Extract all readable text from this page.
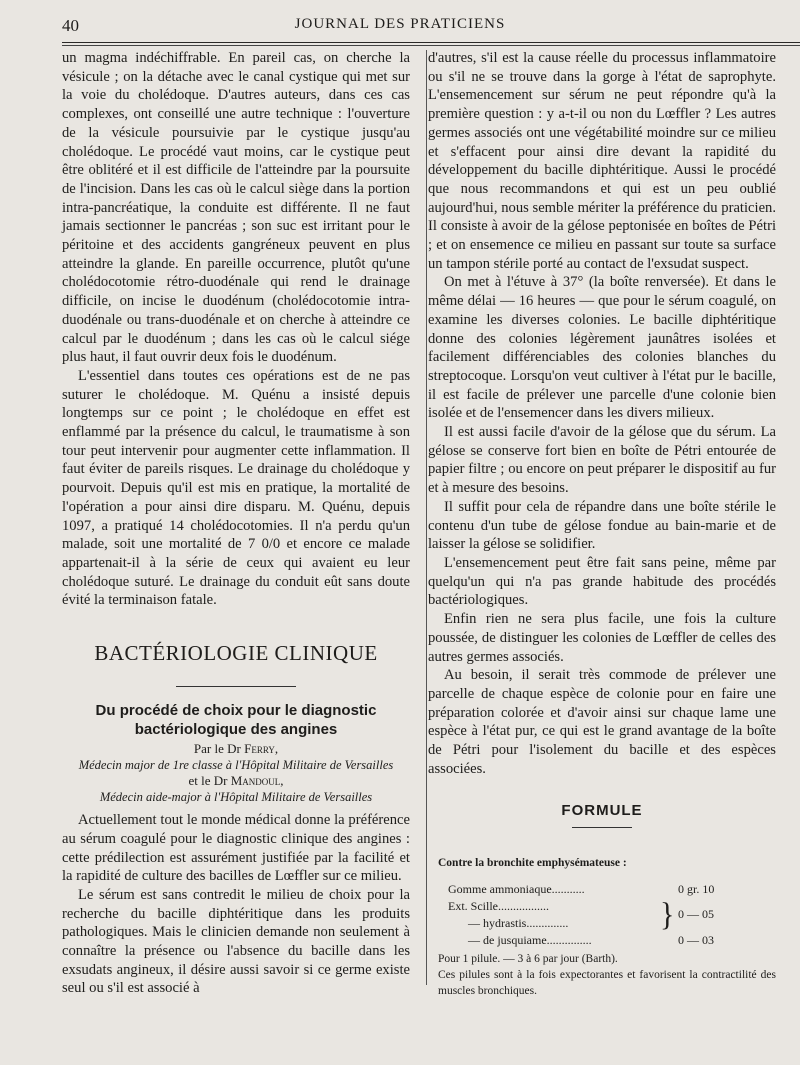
40	JOURNAL DES PRATICIENS

un magma indéchiffrable. En pareil cas, on cherche la vésicule ; on la détache avec le canal cystique qui met sur la voie du cholédoque. D'autres auteurs, dans ces cas complexes, ont conseillé une autre technique : l'ouverture de la vésicule poursuivie par le cystique jusqu'au cholédoque. Le procédé vaut moins, car le cystique peut être oblitéré et il est difficile de l'atteindre par la poursuite de l'incision. Dans les cas où le calcul siège dans la portion intra-pancréatique, la conduite est différente. Il ne faut jamais sectionner le pancréas ; son suc est irritant pour le péritoine et des accidents gangréneux peuvent en plus atteindre la glande. En pareille occurrence, plutôt qu'une cholédocotomie rétro-duodénale qui rend le drainage difficile, on incise le duodénum (cholédocotomie intra-duodénale ou trans-duodénale et on cherche à atteindre ce calcul par le duodénum ; dans les cas où le calcul siége plus haut, il faut ouvrir deux fois le duodénum.

L'essentiel dans toutes ces opérations est de ne pas suturer le cholédoque. M. Quénu a insisté depuis longtemps sur ce point ; le cholédoque en effet est enflammé par la présence du calcul, le traumatisme à son tour peut intervenir pour augmenter cette inflammation. Il faut éviter de pareils risques. Le drainage du cholédoque y pourvoit. Depuis qu'il est mis en pratique, la mortalité de l'opération a pour ainsi dire disparu. M. Quénu, depuis 1097, a pratiqué 14 cholédocotomies. Il n'a perdu qu'un malade, soit une mortalité de 7 0/0 et encore ce malade appartenait-il à la série de ceux qui avaient eu leur cholédoque suturé. Le drainage du conduit eût sans doute évité la terminaison fatale.

BACTÉRIOLOGIE CLINIQUE
Du procédé de choix pour le diagnostic
bactériologique des angines
Par le Dr Ferry,
Médecin major de 1re classe à l'Hôpital Militaire de Versailles
et le Dr Mandoul,
Médecin aide-major à l'Hôpital Militaire de Versailles

Actuellement tout le monde médical donne la préférence au sérum coagulé pour le diagnostic clinique des angines : cette prédilection est assurément justifiée par la facilité et la rapidité de culture des bacilles de Lœffler sur ce milieu.

Le sérum est sans contredit le milieu de choix pour la recherche du bacille diphtéritique dans les produits pathologiques. Mais le clinicien demande non seulement à connaître la présence ou l'absence du bacille dans les exsudats angineux, il désire aussi savoir si ce germe existe seul ou s'il est associé à

d'autres, s'il est la cause réelle du processus inflammatoire ou s'il ne se trouve dans la gorge à l'état de saprophyte. L'ensemencement sur sérum ne peut répondre qu'à la première question : y a-t-il ou non du Lœffler ? Les autres germes associés ont une végétabilité moindre sur ce milieu et s'effacent pour ainsi dire devant la rapidité du développement du bacille diphtéritique. Aussi le procédé que nous recommandons et qui est un peu oublié aujourd'hui, nous semble mériter la préférence du praticien. Il consiste à avoir de la gélose peptonisée en boîtes de Pétri ; et on ensemence ce milieu en passant sur toute sa surface un tampon stérile porté au contact de l'exsudat suspect.

On met à l'étuve à 37° (la boîte renversée). Et dans le même délai — 16 heures — que pour le sérum coagulé, on examine les diverses colonies. Le bacille diphtéritique donne des colonies légèrement jaunâtres isolées et facilement différenciables des colonies blanches du streptocoque. Lorsqu'on veut cultiver à l'état pur le bacille, il est facile de prélever une parcelle d'une colonie bien isolée et de l'ensemencer dans les divers milieux.

Il est aussi facile d'avoir de la gélose que du sérum. La gélose se conserve fort bien en boîte de Pétri entourée de papier filtre ; ou encore on peut préparer le dispositif au fur et à mesure des besoins.

Il suffit pour cela de répandre dans une boîte stérile le contenu d'un tube de gélose fondue au bain-marie et de laisser la gélose se solidifier.

L'ensemencement peut être fait sans peine, même par quelqu'un qui n'a pas grande habitude des procédés bactériologiques.

Enfin rien ne sera plus facile, une fois la culture poussée, de distinguer les colonies de Lœffler de celles des autres germes associés.

Au besoin, il serait très commode de prélever une parcelle de chaque espèce de colonie pour en faire une préparation colorée et d'avoir ainsi sur chaque lame une espèce à l'état pur, ce qui est le grand avantage de la boîte de Pétri pour l'isolement du bacille et des espèces associées.

FORMULE
Contre la bronchite emphysémateuse :
Gomme ammoniaque...........	0 gr. 10
Ext. Scille.................	} 0 — 05
— hydrastis..............
— de jusquiame...............	0 — 03
Pour 1 pilule. — 3 à 6 par jour (Barth).
Ces pilules sont à la fois expectorantes et favorisent la contractilité des muscles bronchiques.
